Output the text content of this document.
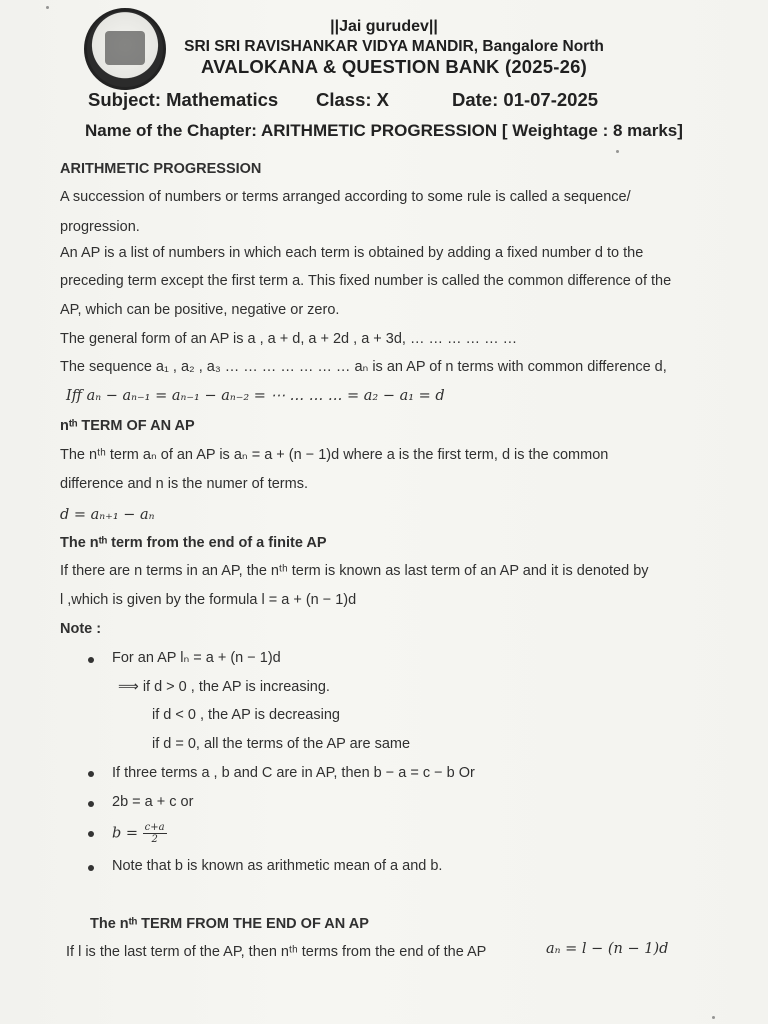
||Jai gurudev||
SRI SRI RAVISHANKAR VIDYA MANDIR, Bangalore North
AVALOKANA & QUESTION BANK (2025-26)
Subject: Mathematics Class: X	Date: 01-07-2025
Name of the Chapter: ARITHMETIC PROGRESSION [ Weightage : 8 marks]
ARITHMETIC PROGRESSION
A succession of numbers or terms arranged according to some rule is called a sequence/
progression.
An AP is a list of numbers in which each term is obtained by adding a fixed number d to the
preceding term except the first term a. This fixed number is called the common difference of the
AP, which can be positive, negative or zero.
The general form of an AP is a , a + d, a + 2d , a + 3d, … … … … … …
The sequence a₁ , a₂ , a₃ … … … … … … … aₙ is an AP of n terms with common difference d,
Iff aₙ − aₙ₋₁ = aₙ₋₁ − aₙ₋₂ = ⋯ … … … = a₂ − a₁ = d
nᵗʰ TERM OF AN AP
The nᵗʰ term aₙ of an AP is aₙ = a + (n − 1)d where a is the first term, d is the common
difference and n is the numer of terms.
d = aₙ₊₁ − aₙ
The nᵗʰ term from the end of a finite AP
If there are n terms in an AP, the nᵗʰ term is known as last term of an AP and it is denoted by
l ,which is given by the formula l = a + (n − 1)d
Note :
For an AP lₙ = a + (n − 1)d
⟹ if d > 0 , the AP is increasing.
if d < 0 , the AP is decreasing
if d = 0, all the terms of the AP are same
If three terms a , b and C are in AP, then b − a = c − b Or
2b = a + c or
$b = \frac{c+a}{2}$
Note that b is known as arithmetic mean of a and b.
The nᵗʰ TERM FROM THE END OF AN AP
If l is the last term of the AP, then nᵗʰ terms from the end of the AP	aₙ = l − (n − 1)d
